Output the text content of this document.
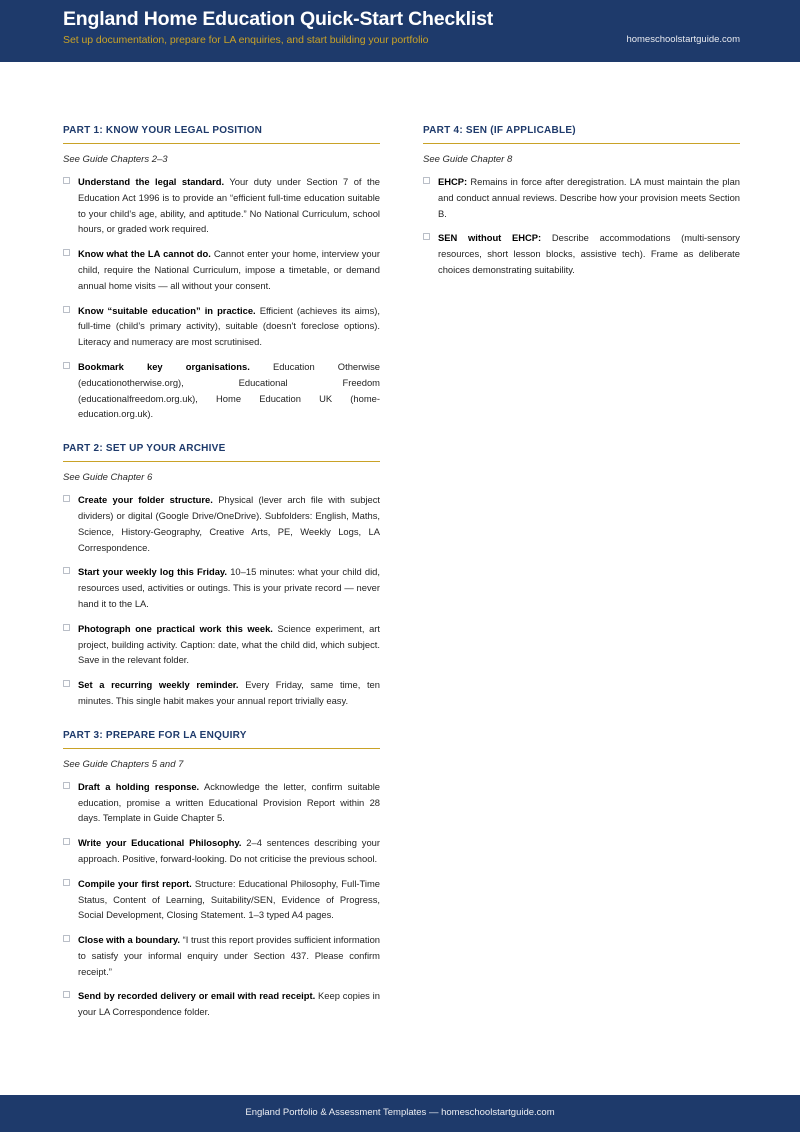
England Home Education Quick-Start Checklist
Set up documentation, prepare for LA enquiries, and start building your portfolio	homeschoolstartguide.com
PART 1: KNOW YOUR LEGAL POSITION
See Guide Chapters 2–3
Understand the legal standard. Your duty under Section 7 of the Education Act 1996 is to provide an “efficient full-time education suitable to your child’s age, ability, and aptitude.” No National Curriculum, school hours, or graded work required.
Know what the LA cannot do. Cannot enter your home, interview your child, require the National Curriculum, impose a timetable, or demand annual home visits — all without your consent.
Know “suitable education” in practice. Efficient (achieves its aims), full-time (child’s primary activity), suitable (doesn't foreclose options). Literacy and numeracy are most scrutinised.
Bookmark key organisations. Education Otherwise (educationotherwise.org), Educational Freedom (educationalfreedom.org.uk), Home Education UK (home-education.org.uk).
PART 2: SET UP YOUR ARCHIVE
See Guide Chapter 6
Create your folder structure. Physical (lever arch file with subject dividers) or digital (Google Drive/OneDrive). Subfolders: English, Maths, Science, History-Geography, Creative Arts, PE, Weekly Logs, LA Correspondence.
Start your weekly log this Friday. 10–15 minutes: what your child did, resources used, activities or outings. This is your private record — never hand it to the LA.
Photograph one practical work this week. Science experiment, art project, building activity. Caption: date, what the child did, which subject. Save in the relevant folder.
Set a recurring weekly reminder. Every Friday, same time, ten minutes. This single habit makes your annual report trivially easy.
PART 3: PREPARE FOR LA ENQUIRY
See Guide Chapters 5 and 7
Draft a holding response. Acknowledge the letter, confirm suitable education, promise a written Educational Provision Report within 28 days. Template in Guide Chapter 5.
Write your Educational Philosophy. 2–4 sentences describing your approach. Positive, forward-looking. Do not criticise the previous school.
Compile your first report. Structure: Educational Philosophy, Full-Time Status, Content of Learning, Suitability/SEN, Evidence of Progress, Social Development, Closing Statement. 1–3 typed A4 pages.
Close with a boundary. “I trust this report provides sufficient information to satisfy your informal enquiry under Section 437. Please confirm receipt.”
Send by recorded delivery or email with read receipt. Keep copies in your LA Correspondence folder.
PART 4: SEN (IF APPLICABLE)
See Guide Chapter 8
EHCP: Remains in force after deregistration. LA must maintain the plan and conduct annual reviews. Describe how your provision meets Section B.
SEN without EHCP: Describe accommodations (multi-sensory resources, short lesson blocks, assistive tech). Frame as deliberate choices demonstrating suitability.
England Portfolio & Assessment Templates — homeschoolstartguide.com
